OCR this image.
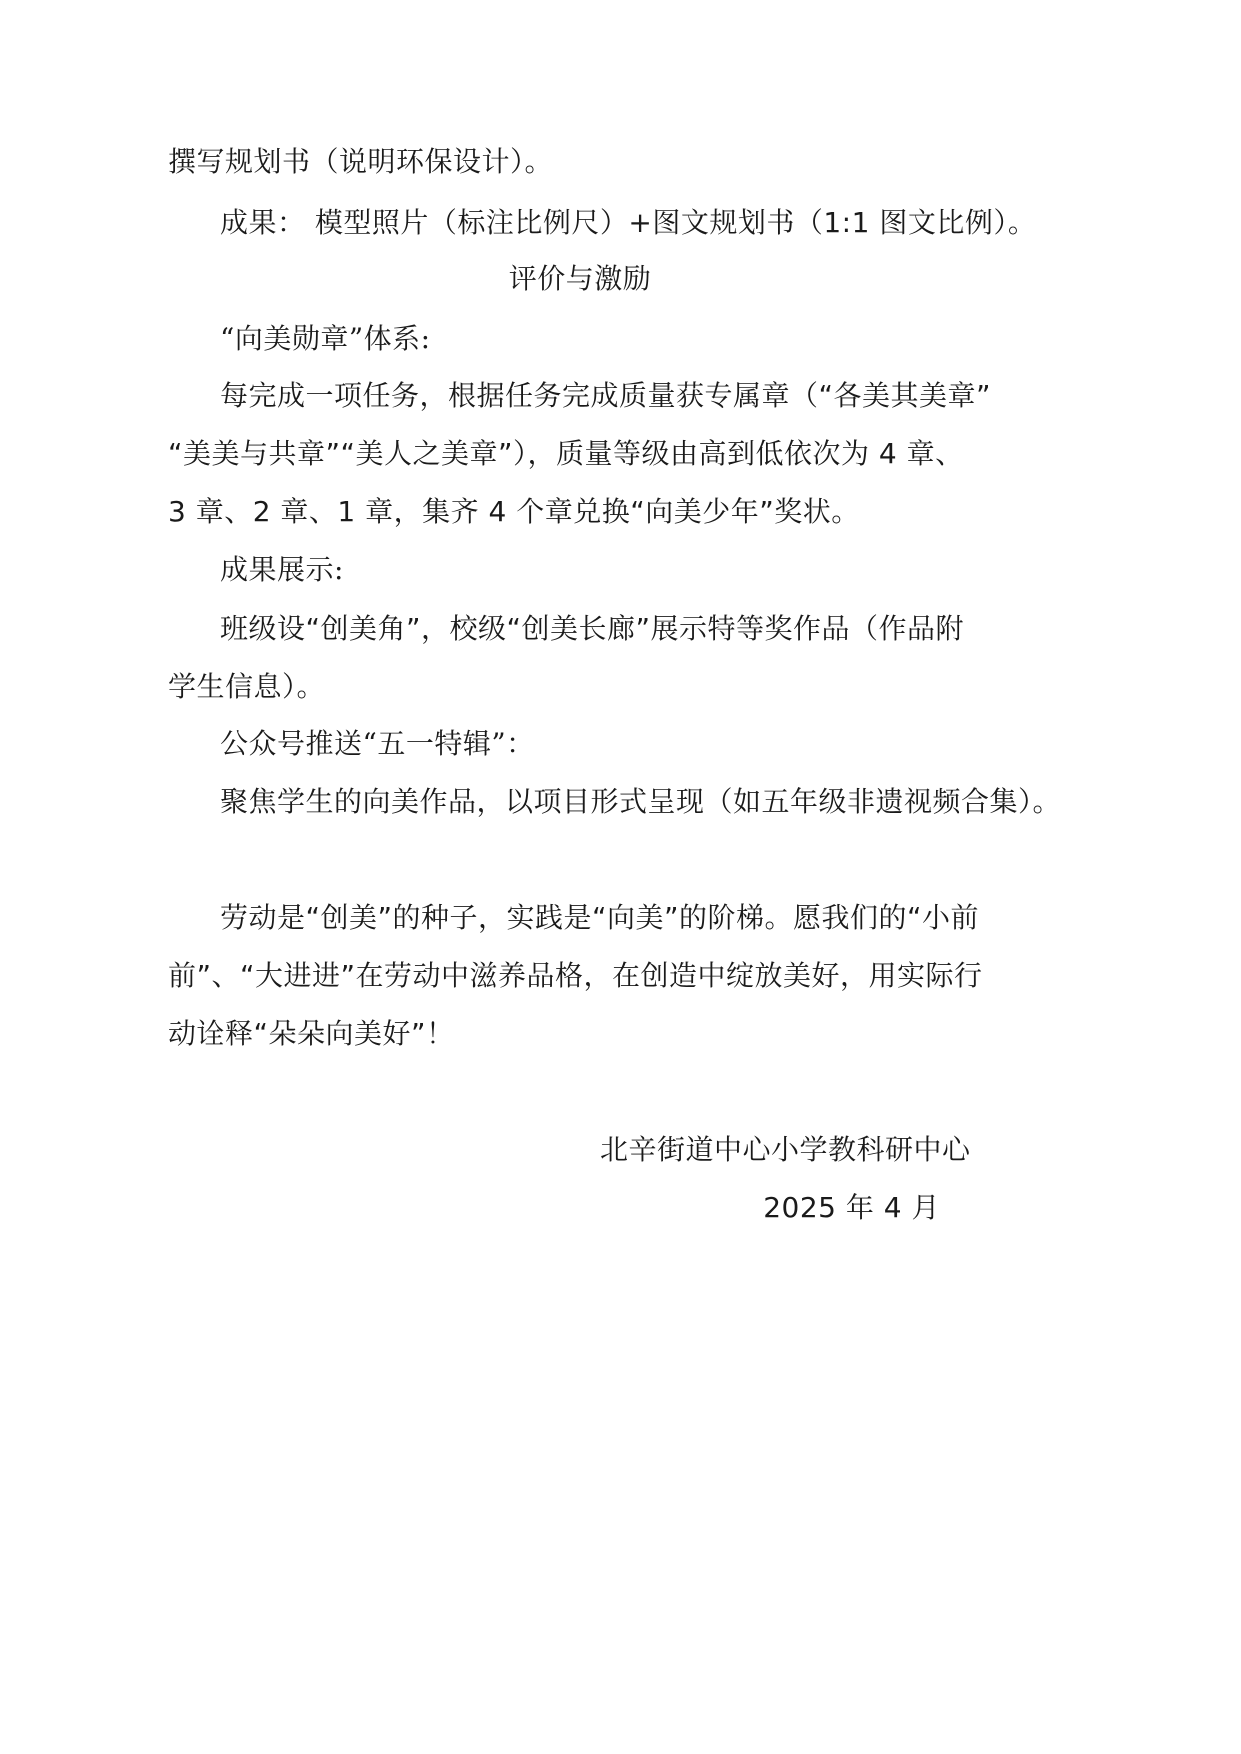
撰写规划书（说明环保设计）。
成果： 模型照片（标注比例尺）+图文规划书（1:1 图文比例）。
评价与激励
“向美勋章”体系:
每完成一项任务，根据任务完成质量获专属章（“各美其美章”
“美美与共章”“美人之美章”），质量等级由高到低依次为 4 章、
3 章、2 章、1 章，集齐 4 个章兑换“向美少年”奖状。
成果展示:
班级设“创美角”，校级“创美长廊”展示特等奖作品（作品附
学生信息）。
公众号推送“五一特辑”：
聚焦学生的向美作品，以项目形式呈现（如五年级非遗视频合集）。
劳动是“创美”的种子，实践是“向美”的阶梯。愿我们的“小前
前”、“大进进”在劳动中滋养品格，在创造中绽放美好，用实际行
动诠释“朵朵向美好”！
北辛街道中心小学教科研中心
2025 年 4 月
